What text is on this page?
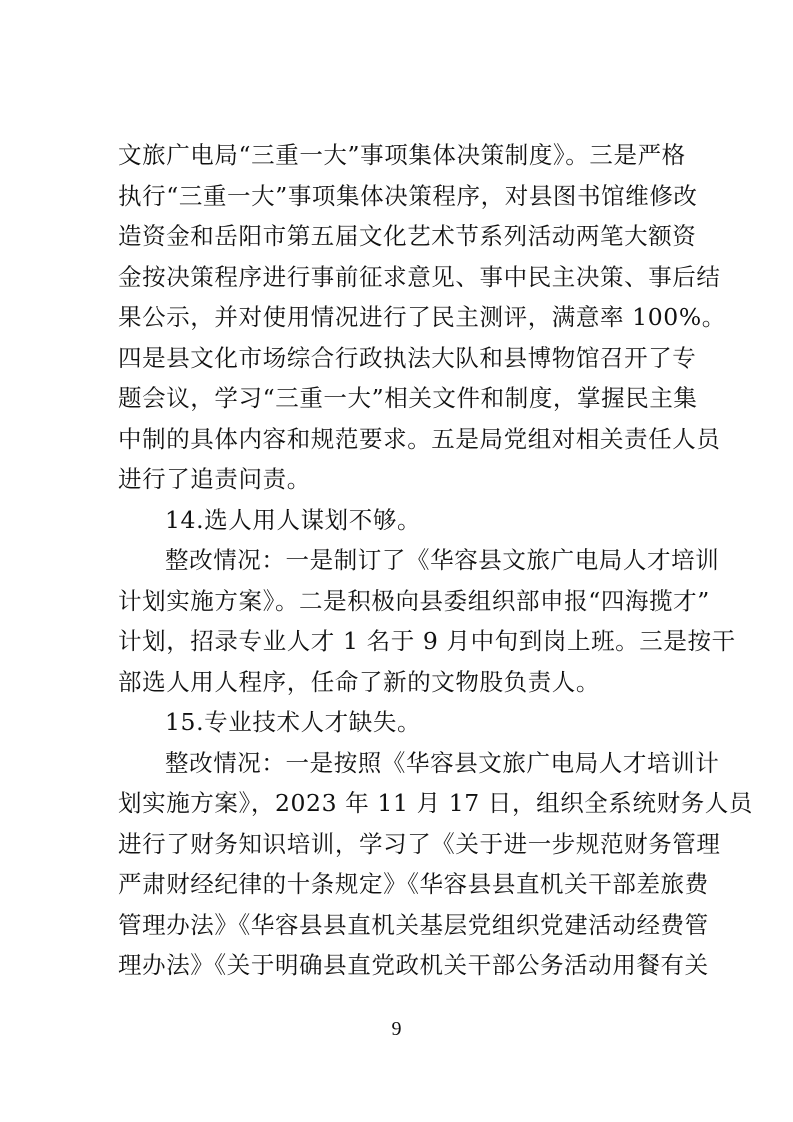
文旅广电局“三重一大”事项集体决策制度》。三是严格
执行“三重一大”事项集体决策程序，对县图书馆维修改
造资金和岳阳市第五届文化艺术节系列活动两笔大额资
金按决策程序进行事前征求意见、事中民主决策、事后结
果公示，并对使用情况进行了民主测评，满意率 100%。
四是县文化市场综合行政执法大队和县博物馆召开了专
题会议，学习“三重一大”相关文件和制度，掌握民主集
中制的具体内容和规范要求。五是局党组对相关责任人员
进行了追责问责。
14.选人用人谋划不够。
整改情况：一是制订了《华容县文旅广电局人才培训
计划实施方案》。二是积极向县委组织部申报“四海揽才”
计划，招录专业人才 1 名于 9 月中旬到岗上班。三是按干
部选人用人程序，任命了新的文物股负责人。
15.专业技术人才缺失。
整改情况：一是按照《华容县文旅广电局人才培训计
划实施方案》，2023 年 11 月 17 日，组织全系统财务人员
进行了财务知识培训，学习了《关于进一步规范财务管理
严肃财经纪律的十条规定》《华容县县直机关干部差旅费
管理办法》《华容县县直机关基层党组织党建活动经费管
理办法》《关于明确县直党政机关干部公务活动用餐有关
9
